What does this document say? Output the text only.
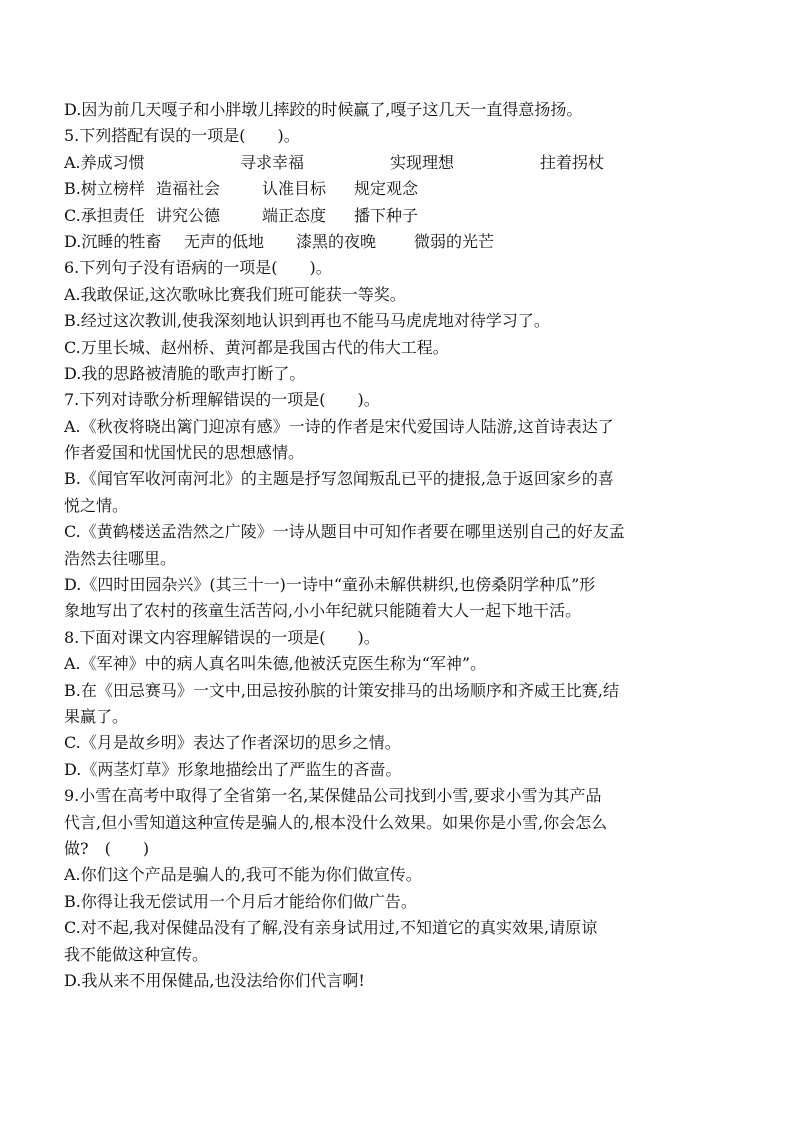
D.因为前几天嘎子和小胖墩儿摔跤的时候赢了,嘎子这几天一直得意扬扬。
5.下列搭配有误的一项是(　　)。
A.养成习惯	寻求幸福	实现理想	拄着拐杖
B.树立榜样 造福社会	认准目标 规定观念
C.承担责任 讲究公德	端正态度 播下种子
D.沉睡的牲畜 无声的低地 漆黑的夜晚 微弱的光芒
6.下列句子没有语病的一项是(　　)。
A.我敢保证,这次歌咏比赛我们班可能获一等奖。
B.经过这次教训,使我深刻地认识到再也不能马马虎虎地对待学习了。
C.万里长城、赵州桥、黄河都是我国古代的伟大工程。
D.我的思路被清脆的歌声打断了。
7.下列对诗歌分析理解错误的一项是(　　)。
A.《秋夜将晓出篱门迎凉有感》一诗的作者是宋代爱国诗人陆游,这首诗表达了
作者爱国和忧国忧民的思想感情。
B.《闻官军收河南河北》的主题是抒写忽闻叛乱已平的捷报,急于返回家乡的喜
悦之情。
C.《黄鹤楼送孟浩然之广陵》一诗从题目中可知作者要在哪里送别自己的好友孟
浩然去往哪里。
D.《四时田园杂兴》(其三十一)一诗中“童孙未解供耕织,也傍桑阴学种瓜”形
象地写出了农村的孩童生活苦闷,小小年纪就只能随着大人一起下地干活。
8.下面对课文内容理解错误的一项是(　　)。
A.《军神》中的病人真名叫朱德,他被沃克医生称为“军神”。
B.在《田忌赛马》一文中,田忌按孙膑的计策安排马的出场顺序和齐威王比赛,结
果赢了。
C.《月是故乡明》表达了作者深切的思乡之情。
D.《两茎灯草》形象地描绘出了严监生的吝啬。
9.小雪在高考中取得了全省第一名,某保健品公司找到小雪,要求小雪为其产品
代言,但小雪知道这种宣传是骗人的,根本没什么效果。如果你是小雪,你会怎么
做?　(　　)
A.你们这个产品是骗人的,我可不能为你们做宣传。
B.你得让我无偿试用一个月后才能给你们做广告。
C.对不起,我对保健品没有了解,没有亲身试用过,不知道它的真实效果,请原谅
我不能做这种宣传。
D.我从来不用保健品,也没法给你们代言啊!
